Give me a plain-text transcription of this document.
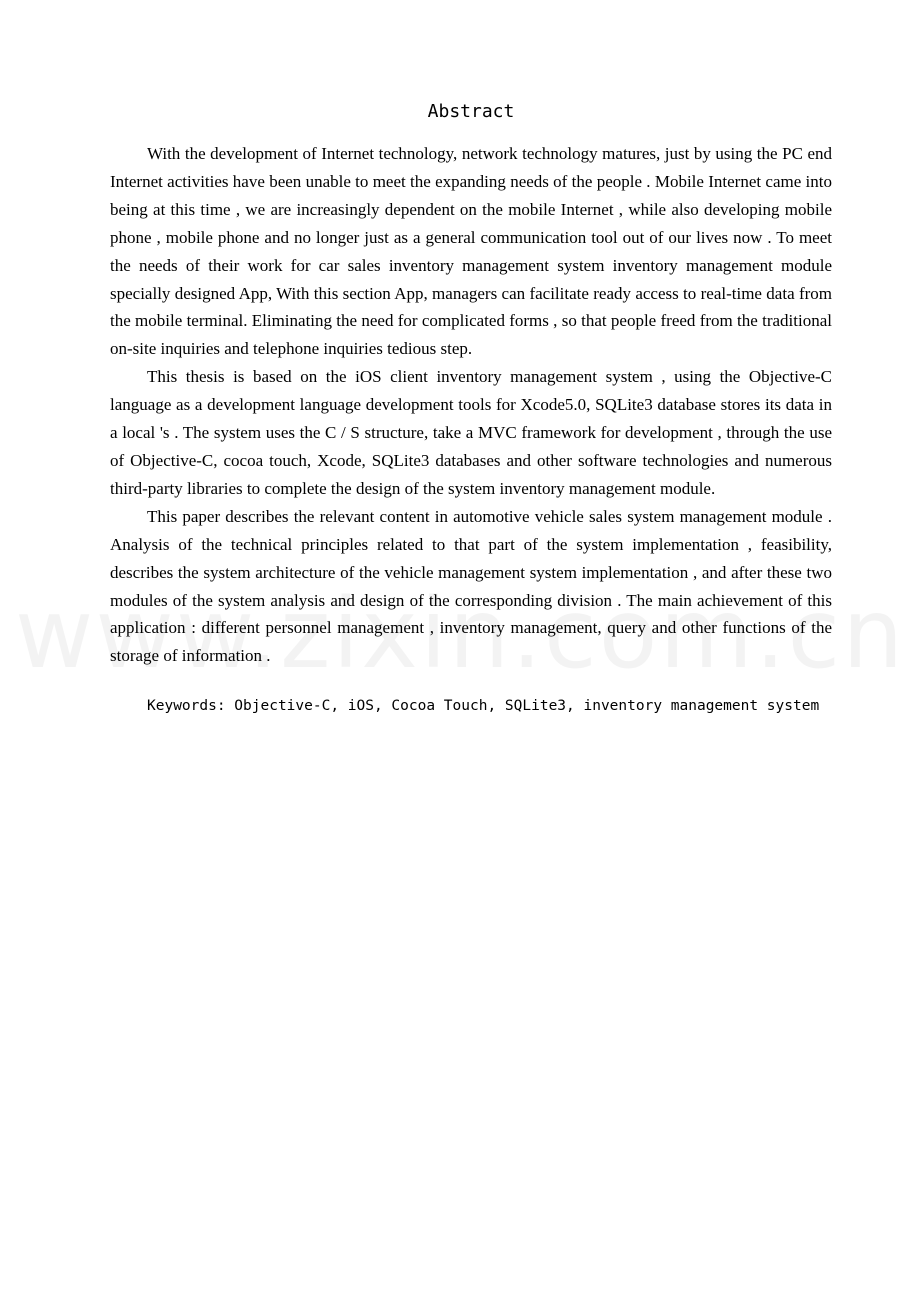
Abstract

With the development of Internet technology, network technology matures, just by using the PC end Internet activities have been unable to meet the expanding needs of the people . Mobile Internet came into being at this time , we are increasingly dependent on the mobile Internet , while also developing mobile phone , mobile phone and no longer just as a general communication tool out of our lives now . To meet the needs of their work for car sales inventory management system inventory management module specially designed App, With this section App, managers can facilitate ready access to real-time data from the mobile terminal. Eliminating the need for complicated forms , so that people freed from the traditional on-site inquiries and telephone inquiries tedious step.

This thesis is based on the iOS client inventory management system , using the Objective-C language as a development language development tools for Xcode5.0, SQLite3 database stores its data in a local 's . The system uses the C / S structure, take a MVC framework for development , through the use of Objective-C, cocoa touch, Xcode, SQLite3 databases and other software technologies and numerous third-party libraries to complete the design of the system inventory management module.

This paper describes the relevant content in automotive vehicle sales system management module . Analysis of the technical principles related to that part of the system implementation , feasibility, describes the system architecture of the vehicle management system implementation , and after these two modules of the system analysis and design of the corresponding division . The main achievement of this application : different personnel management , inventory management, query and other functions of the storage of information .

Keywords: Objective-C, iOS, Cocoa Touch, SQLite3, inventory management system
